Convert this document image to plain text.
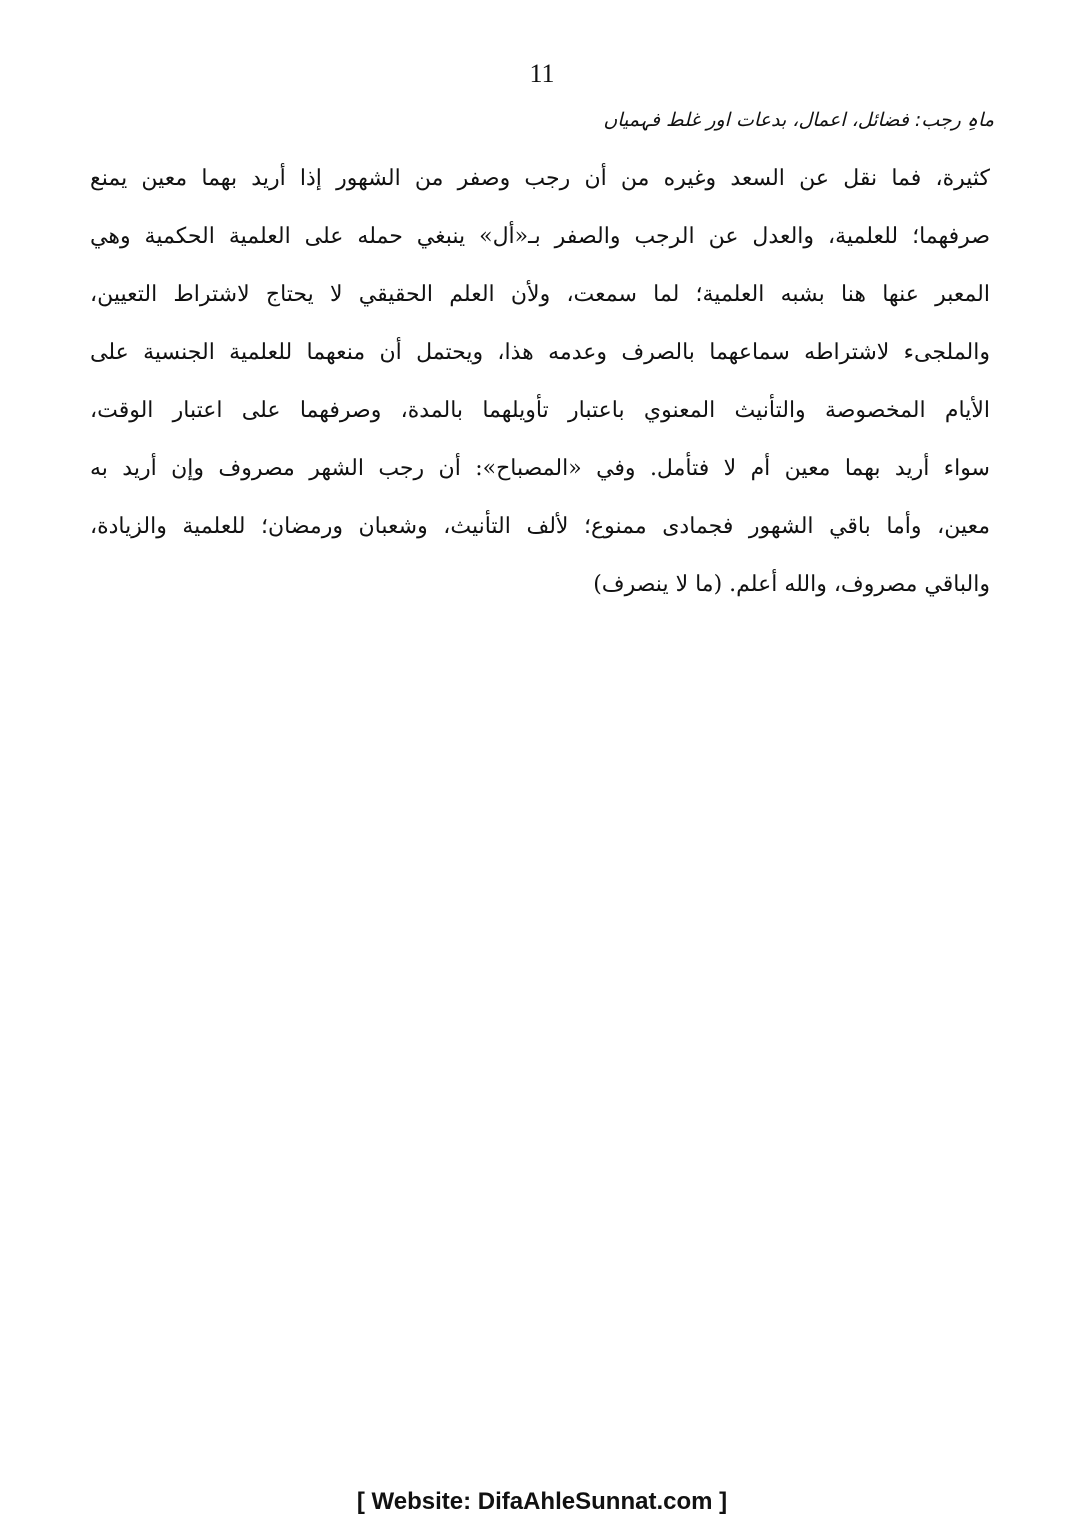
11
ماہِ رجب: فضائل، اعمال، بدعات اور غلط فہمیاں
كثيرة، فما نقل عن السعد وغيره من أن رجب وصفر من الشهور إذا أريد بهما معين يمنع
صرفهما؛ للعلمية، والعدل عن الرجب والصفر بـ«أل» ينبغي حمله على العلمية الحكمية وهي
المعبر عنها هنا بشبه العلمية؛ لما سمعت، ولأن العلم الحقيقي لا يحتاج لاشتراط التعيين،
والملجىء لاشتراطه سماعهما بالصرف وعدمه هذا، ويحتمل أن منعهما للعلمية الجنسية على
الأيام المخصوصة والتأنيث المعنوي باعتبار تأويلهما بالمدة، وصرفهما على اعتبار الوقت،
سواء أريد بهما معين أم لا فتأمل. وفي «المصباح»: أن رجب الشهر مصروف وإن أريد به
معين، وأما باقي الشهور فجمادى ممنوع؛ لألف التأنيث، وشعبان ورمضان؛ للعلمية والزيادة،
والباقي مصروف، والله أعلم. (ما لا ينصرف)
[ Website: DifaAhleSunnat.com ]
